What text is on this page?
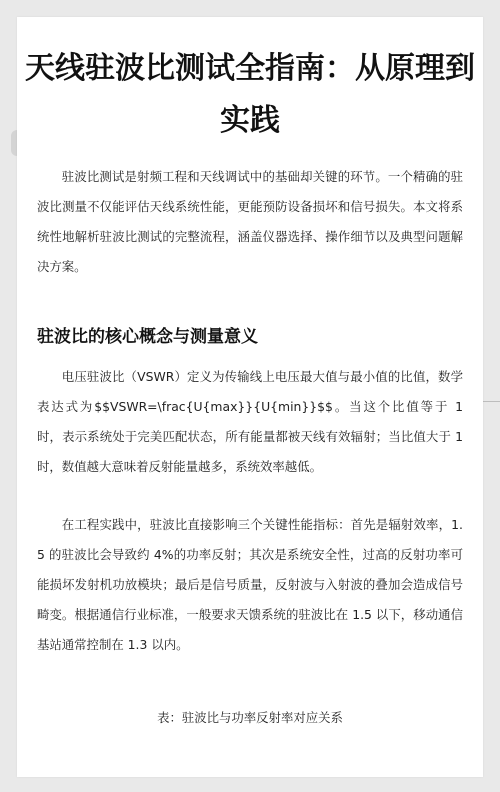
天线驻波比测试全指南：从原理到实践

驻波比测试是射频工程和天线调试中的基础却关键的环节。一个精确的驻波比测量不仅能评估天线系统性能，更能预防设备损坏和信号损失。本文将系统性地解析驻波比测试的完整流程，涵盖仪器选择、操作细节以及典型问题解决方案。

驻波比的核心概念与测量意义

电压驻波比（VSWR）定义为传输线上电压最大值与最小值的比值，数学表达式为$$VSWR=\frac{U{max}}{U{min}}$$。当这个比值等于 1 时，表示系统处于完美匹配状态，所有能量都被天线有效辐射；当比值大于 1 时，数值越大意味着反射能量越多，系统效率越低。

在工程实践中，驻波比直接影响三个关键性能指标：首先是辐射效率，1.5 的驻波比会导致约 4%的功率反射；其次是系统安全性，过高的反射功率可能损坏发射机功放模块；最后是信号质量，反射波与入射波的叠加会造成信号畸变。根据通信行业标准，一般要求天馈系统的驻波比在 1.5 以下，移动通信基站通常控制在 1.3 以内。

表：驻波比与功率反射率对应关系
